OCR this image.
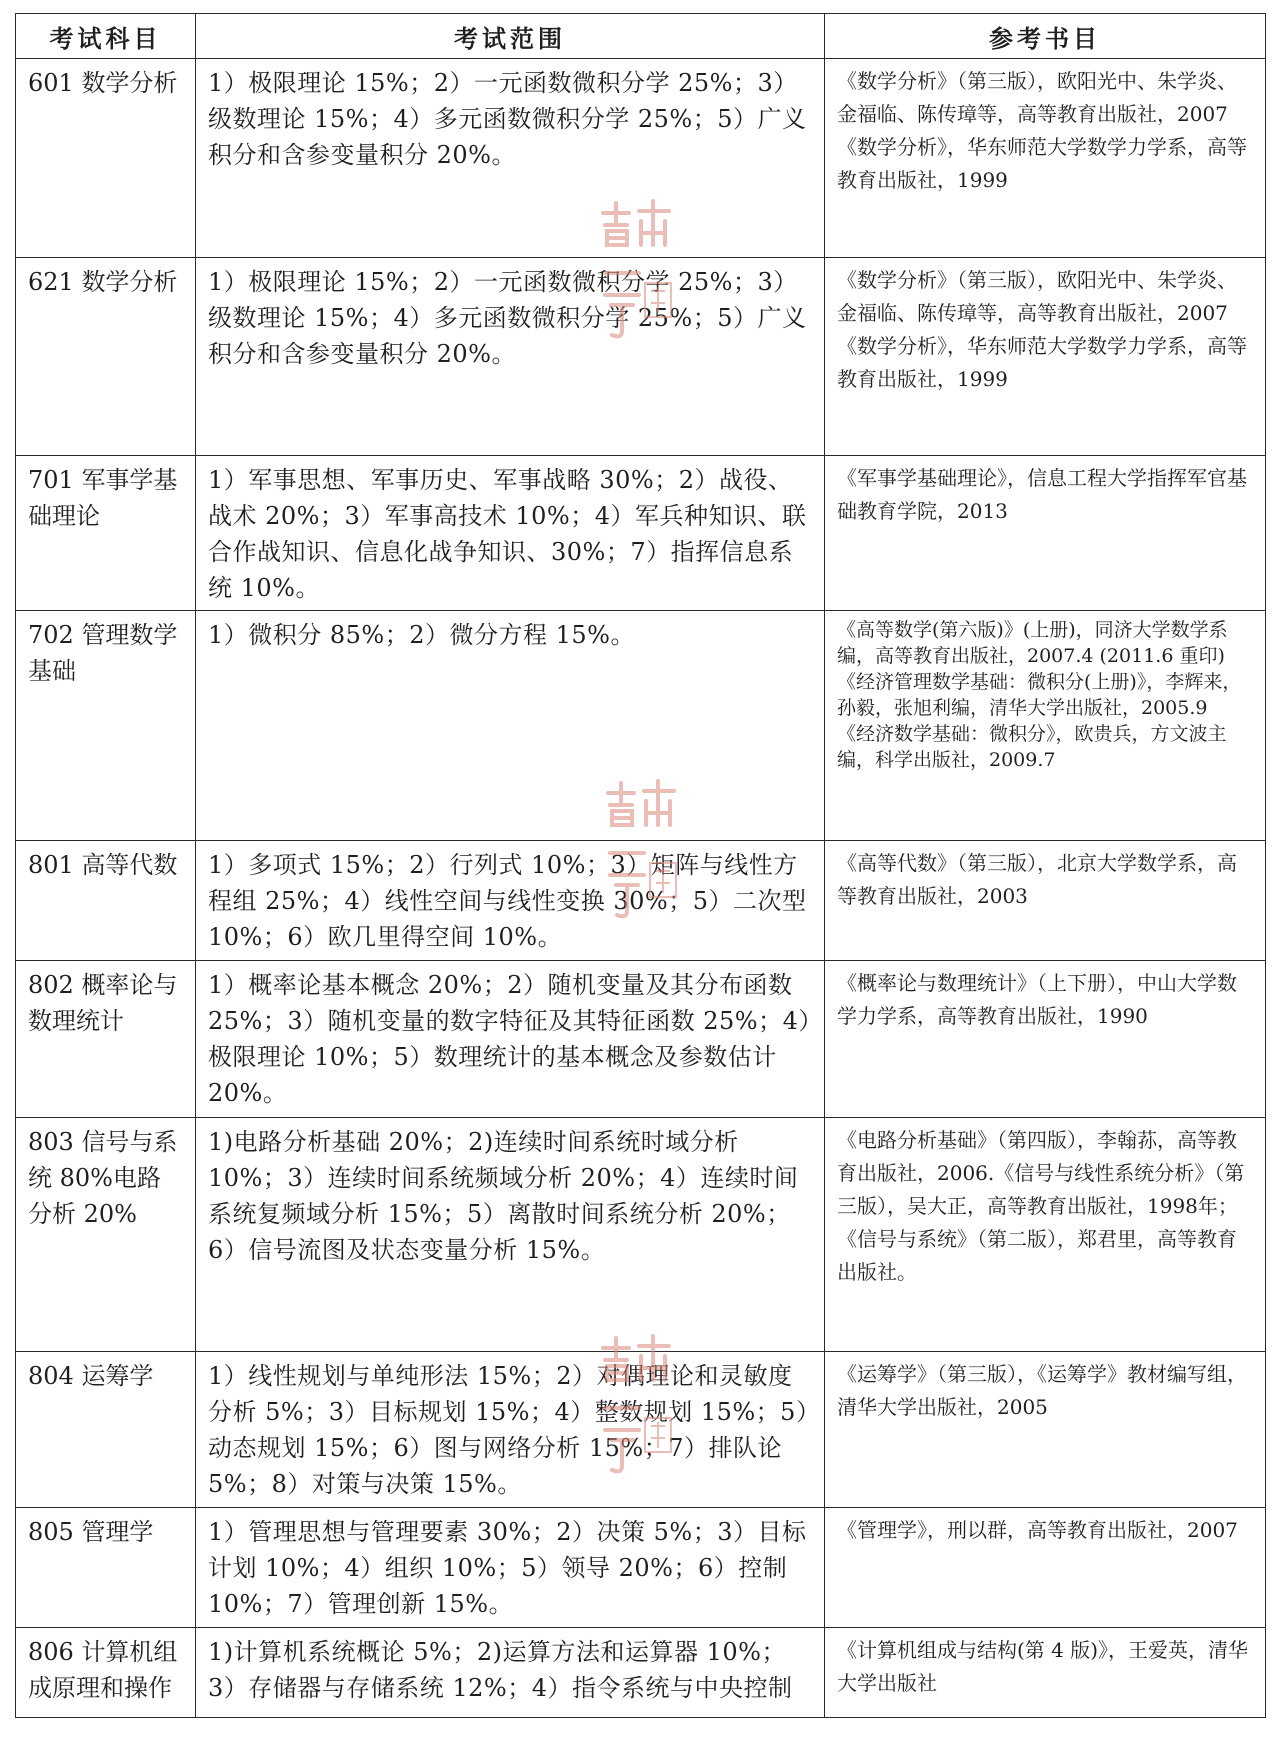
考试科目	考试范围	参考书目
601 数学分析	1）极限理论 15%；2）一元函数微积分学 25%；3）级数理论 15%；4）多元函数微积分学 25%；5）广义积分和含参变量积分 20%。	《数学分析》（第三版），欧阳光中、朱学炎、金福临、陈传璋等，高等教育出版社，2007
《数学分析》，华东师范大学数学力学系，高等教育出版社，1999

621 数学分析	1）极限理论 15%；2）一元函数微积分学 25%；3）级数理论 15%；4）多元函数微积分学 25%；5）广义积分和含参变量积分 20%。	《数学分析》（第三版），欧阳光中、朱学炎、金福临、陈传璋等，高等教育出版社，2007
《数学分析》，华东师范大学数学力学系，高等教育出版社，1999

701 军事学基础理论	1）军事思想、军事历史、军事战略 30%；2）战役、战术 20%；3）军事高技术 10%；4）军兵种知识、联合作战知识、信息化战争知识、30%；7）指挥信息系统 10%。	《军事学基础理论》，信息工程大学指挥军官基础教育学院，2013

702 管理数学基础	1）微积分 85%；2）微分方程 15%。	《高等数学(第六版)》(上册)，同济大学数学系编，高等教育出版社，2007.4 (2011.6 重印)
《经济管理数学基础：微积分(上册)》，李辉来，孙毅，张旭利编，清华大学出版社，2005.9
《经济数学基础：微积分》，欧贵兵，方文波主编，科学出版社，2009.7

801 高等代数	1）多项式 15%；2）行列式 10%；3）矩阵与线性方程组 25%；4）线性空间与线性变换 30%；5）二次型 10%；6）欧几里得空间 10%。	《高等代数》（第三版），北京大学数学系，高等教育出版社，2003

802 概率论与数理统计	1）概率论基本概念 20%；2）随机变量及其分布函数 25%；3）随机变量的数字特征及其特征函数 25%；4）极限理论 10%；5）数理统计的基本概念及参数估计 20%。	《概率论与数理统计》（上下册），中山大学数学力学系，高等教育出版社，1990

803 信号与系统 80%电路分析 20%	1)电路分析基础 20%；2)连续时间系统时域分析 10%；3）连续时间系统频域分析 20%；4）连续时间系统复频域分析 15%；5）离散时间系统分析 20%；6）信号流图及状态变量分析 15%。	《电路分析基础》（第四版），李翰荪，高等教育出版社，2006.《信号与线性系统分析》（第三版），吴大正，高等教育出版社，1998年；《信号与系统》（第二版），郑君里，高等教育出版社。

804 运筹学	1）线性规划与单纯形法 15%；2）对偶理论和灵敏度分析 5%；3）目标规划 15%；4）整数规划 15%；5）动态规划 15%；6）图与网络分析 15%；7）排队论 5%；8）对策与决策 15%。	《运筹学》（第三版），《运筹学》教材编写组，清华大学出版社，2005

805 管理学	1）管理思想与管理要素 30%；2）决策 5%；3）目标计划 10%；4）组织 10%；5）领导 20%；6）控制 10%；7）管理创新 15%。	《管理学》，刑以群，高等教育出版社，2007

806 计算机组成原理和操作	1)计算机系统概论 5%；2)运算方法和运算器 10%；3）存储器与存储系统 12%；4）指令系统与中央控制	《计算机组成与结构(第 4 版)》，王爱英，清华大学出版社
